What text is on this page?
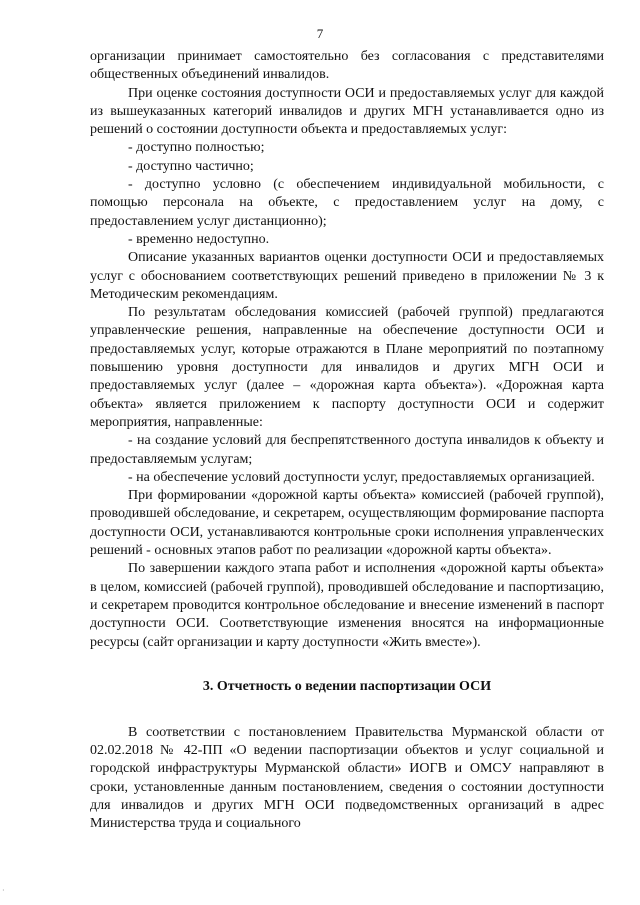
7

организации принимает самостоятельно без согласования с представителями общественных объединений инвалидов.

При оценке состояния доступности ОСИ и предоставляемых услуг для каждой из вышеуказанных категорий инвалидов и других МГН устанавливается одно из решений о состоянии доступности объекта и предоставляемых услуг:

- доступно полностью;

- доступно частично;

- доступно условно (с обеспечением индивидуальной мобильности, с помощью персонала на объекте, с предоставлением услуг на дому, с предоставлением услуг дистанционно);

- временно недоступно.

Описание указанных вариантов оценки доступности ОСИ и предоставляемых услуг с обоснованием соответствующих решений приведено в приложении № 3 к Методическим рекомендациям.

По результатам обследования комиссией (рабочей группой) предлагаются управленческие решения, направленные на обеспечение доступности ОСИ и предоставляемых услуг, которые отражаются в Плане мероприятий по поэтапному повышению уровня доступности для инвалидов и других МГН ОСИ и предоставляемых услуг (далее – «дорожная карта объекта»). «Дорожная карта объекта» является приложением к паспорту доступности ОСИ и содержит мероприятия, направленные:

- на создание условий для беспрепятственного доступа инвалидов к объекту и предоставляемым услугам;

- на обеспечение условий доступности услуг, предоставляемых организацией.

При формировании «дорожной карты объекта» комиссией (рабочей группой), проводившей обследование, и секретарем, осуществляющим формирование паспорта доступности ОСИ, устанавливаются контрольные сроки исполнения управленческих решений - основных этапов работ по реализации «дорожной карты объекта».

По завершении каждого этапа работ и исполнения «дорожной карты объекта» в целом, комиссией (рабочей группой), проводившей обследование и паспортизацию, и секретарем проводится контрольное обследование и внесение изменений в паспорт доступности ОСИ. Соответствующие изменения вносятся на информационные ресурсы (сайт организации и карту доступности «Жить вместе»).

3. Отчетность о ведении паспортизации ОСИ

В соответствии с постановлением Правительства Мурманской области от 02.02.2018 № 42-ПП «О ведении паспортизации объектов и услуг социальной и городской инфраструктуры Мурманской области» ИОГВ и ОМСУ направляют в сроки, установленные данным постановлением, сведения о состоянии доступности для инвалидов и других МГН ОСИ подведомственных организаций в адрес Министерства труда и социального

·
